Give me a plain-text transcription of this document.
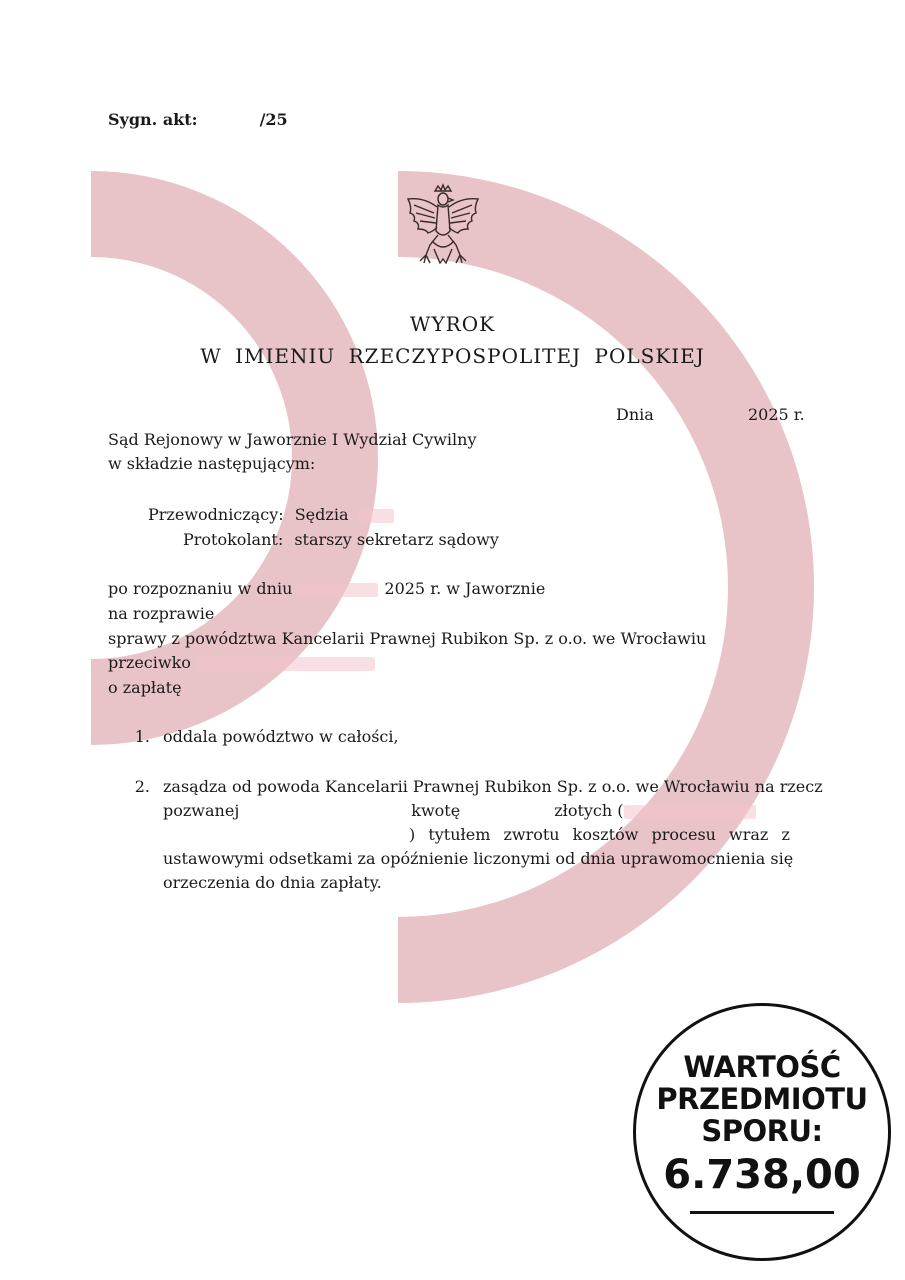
Sygn. akt:	/25
WYROK
W IMIENIU RZECZYPOSPOLITEJ POLSKIEJ
Dnia	2025 r.
Sąd Rejonowy w Jaworznie I Wydział Cywilny
w składzie następującym:
Przewodniczący: Sędzia
Protokolant: starszy sekretarz sądowy
po rozpoznaniu w dniu	2025 r. w Jaworznie
na rozprawie
sprawy z powództwa Kancelarii Prawnej Rubikon Sp. z o.o. we Wrocławiu
przeciwko
o zapłatę
1. oddala powództwo w całości,
2. zasądza od powoda Kancelarii Prawnej Rubikon Sp. z o.o. we Wrocławiu na rzecz
pozwanej	kwotę	złotych (
) tytułem zwrotu kosztów procesu wraz z
ustawowymi odsetkami za opóźnienie liczonymi od dnia uprawomocnienia się
orzeczenia do dnia zapłaty.
WARTOŚĆ
PRZEDMIOTU
SPORU:
6.738,00
